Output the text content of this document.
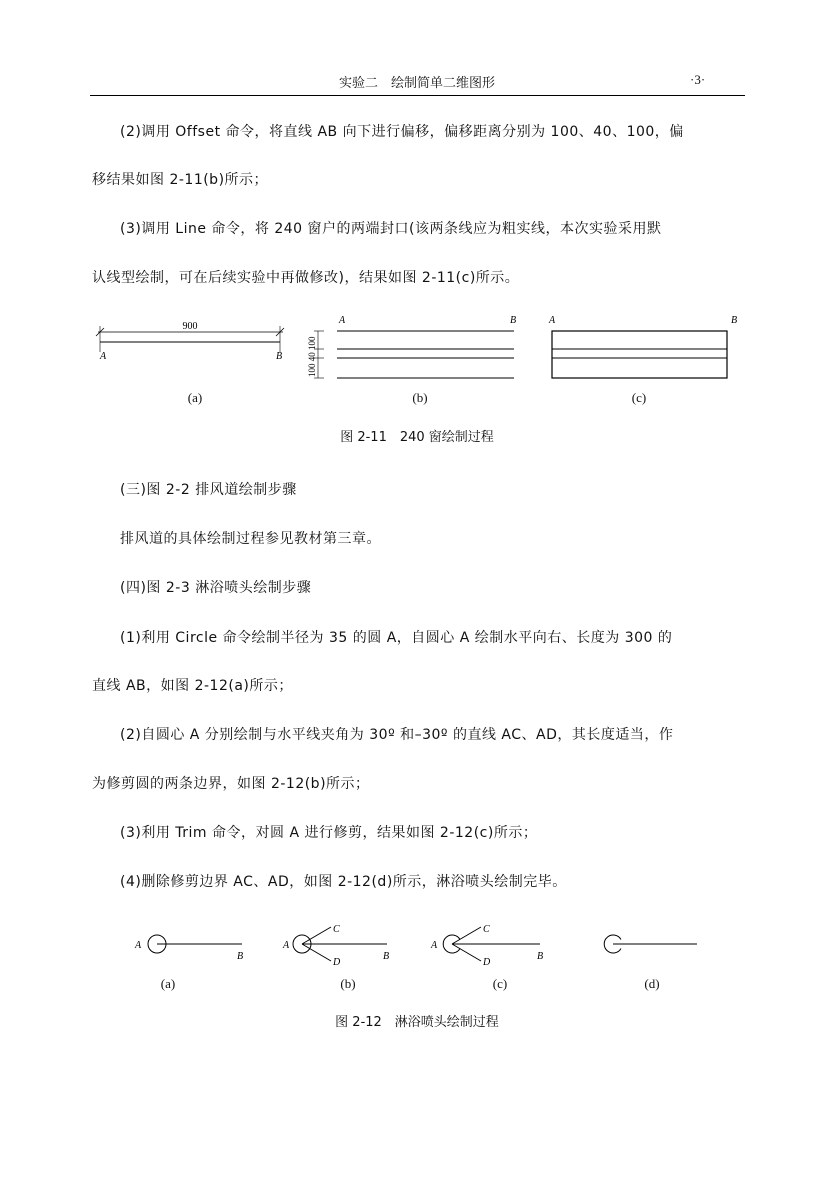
实验二　绘制简单二维图形	·3·
(2)调用 Offset 命令，将直线 AB 向下进行偏移，偏移距离分别为 100、40、100，偏
移结果如图 2-11(b)所示；
(3)调用 Line 命令，将 240 窗户的两端封口(该两条线应为粗实线，本次实验采用默
认线型绘制，可在后续实验中再做修改)，结果如图 2-11(c)所示。
900
A	B	100 40 100
A	B	A	B
(a)	(b)	(c)
图 2-11　240 窗绘制过程
(三)图 2-2 排风道绘制步骤
排风道的具体绘制过程参见教材第三章。
(四)图 2-3 淋浴喷头绘制步骤
(1)利用 Circle 命令绘制半径为 35 的圆 A，自圆心 A 绘制水平向右、长度为 300 的
直线 AB，如图 2-12(a)所示；
(2)自圆心 A 分别绘制与水平线夹角为 30º 和–30º 的直线 AC、AD，其长度适当，作
为修剪圆的两条边界，如图 2-12(b)所示；
(3)利用 Trim 命令，对圆 A 进行修剪，结果如图 2-12(c)所示；
(4)删除修剪边界 AC、AD，如图 2-12(d)所示，淋浴喷头绘制完毕。
A
B
A
C
D
B
A
C
D
B
(a)	(b)	(c)	(d)
图 2-12　淋浴喷头绘制过程
